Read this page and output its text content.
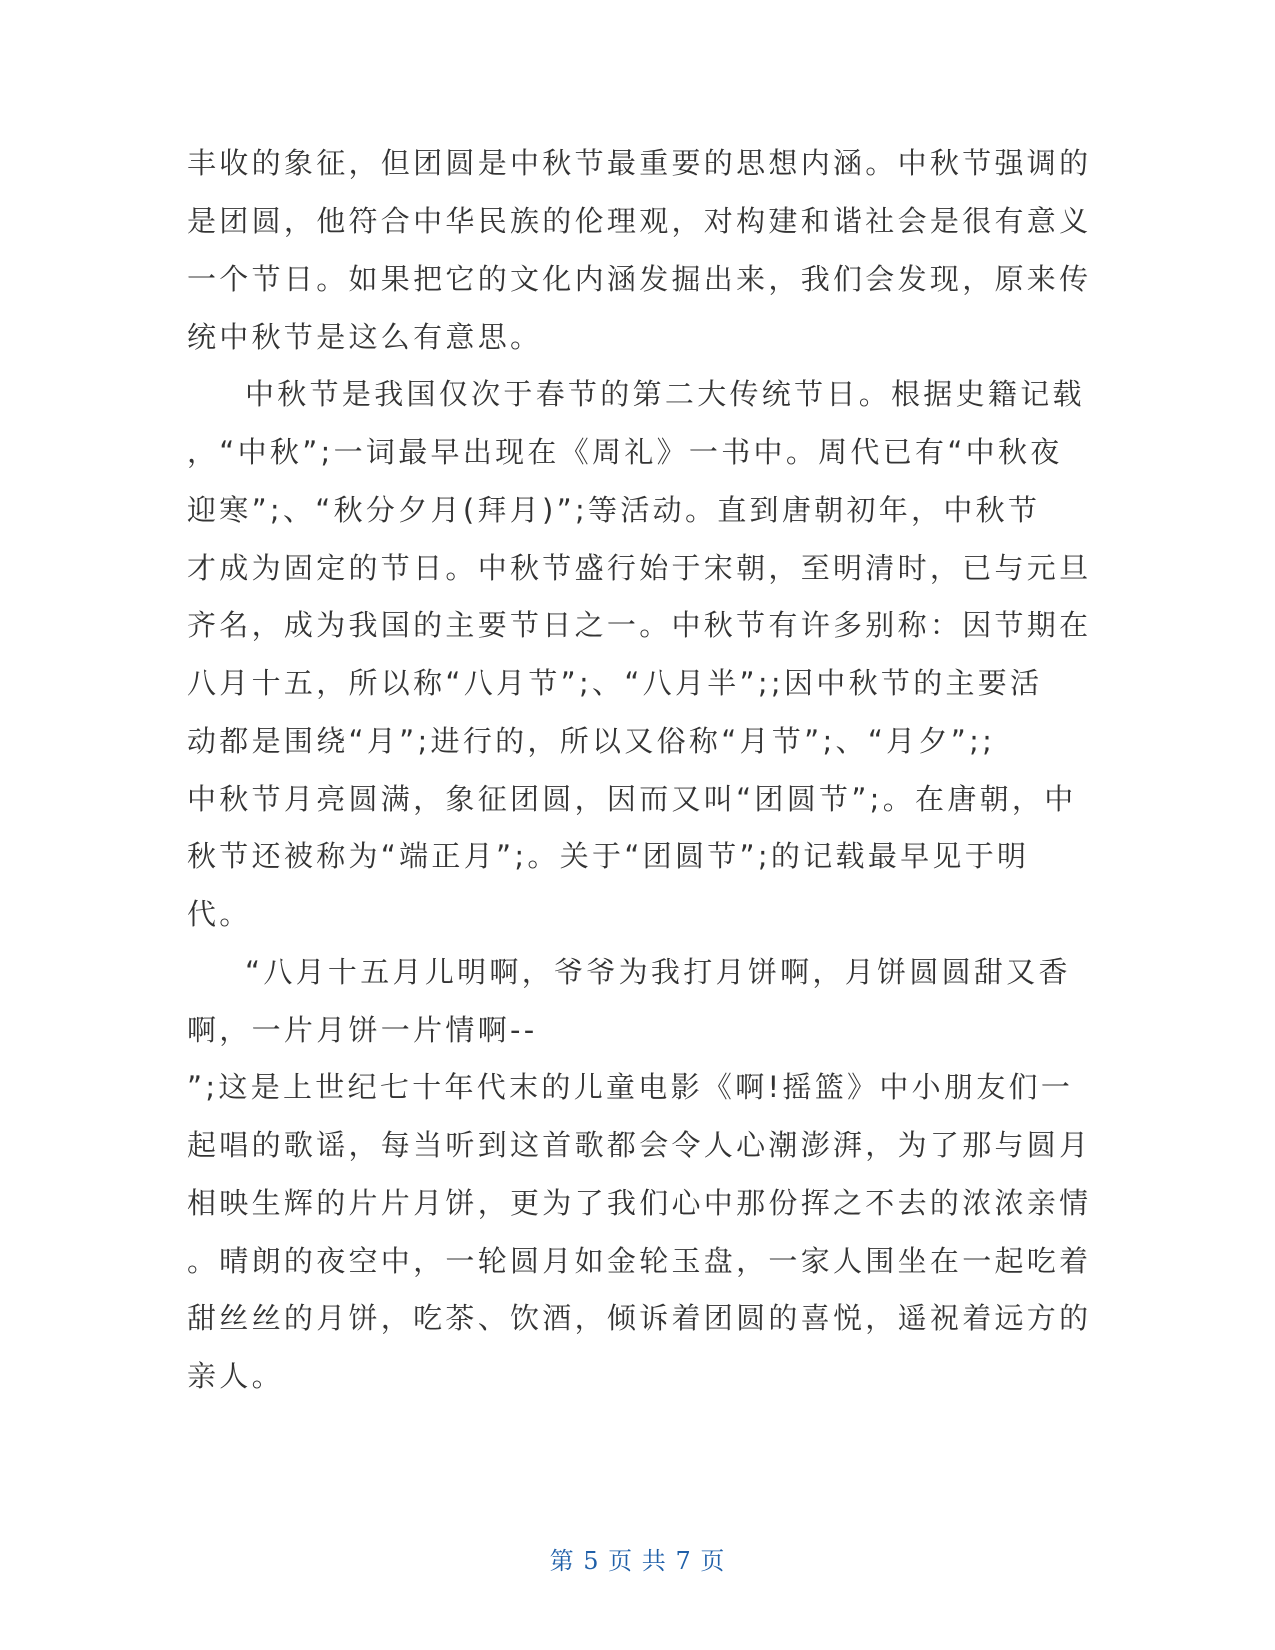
丰收的象征，但团圆是中秋节最重要的思想内涵。中秋节强调的
是团圆，他符合中华民族的伦理观，对构建和谐社会是很有意义
一个节日。如果把它的文化内涵发掘出来，我们会发现，原来传
统中秋节是这么有意思。
中秋节是我国仅次于春节的第二大传统节日。根据史籍记载
，“中秋”;一词最早出现在《周礼》一书中。周代已有“中秋夜
迎寒”;、“秋分夕月(拜月)”;等活动。直到唐朝初年，中秋节
才成为固定的节日。中秋节盛行始于宋朝，至明清时，已与元旦
齐名，成为我国的主要节日之一。中秋节有许多别称：因节期在
八月十五，所以称“八月节”;、“八月半”;;因中秋节的主要活
动都是围绕“月”;进行的，所以又俗称“月节”;、“月夕”;;
中秋节月亮圆满，象征团圆，因而又叫“团圆节”;。在唐朝，中
秋节还被称为“端正月”;。关于“团圆节”;的记载最早见于明
代。
“八月十五月儿明啊，爷爷为我打月饼啊，月饼圆圆甜又香
啊，一片月饼一片情啊--
”;这是上世纪七十年代末的儿童电影《啊!摇篮》中小朋友们一
起唱的歌谣，每当听到这首歌都会令人心潮澎湃，为了那与圆月
相映生辉的片片月饼，更为了我们心中那份挥之不去的浓浓亲情
。晴朗的夜空中，一轮圆月如金轮玉盘，一家人围坐在一起吃着
甜丝丝的月饼，吃茶、饮酒，倾诉着团圆的喜悦，遥祝着远方的
亲人。
第 5 页 共 7 页
